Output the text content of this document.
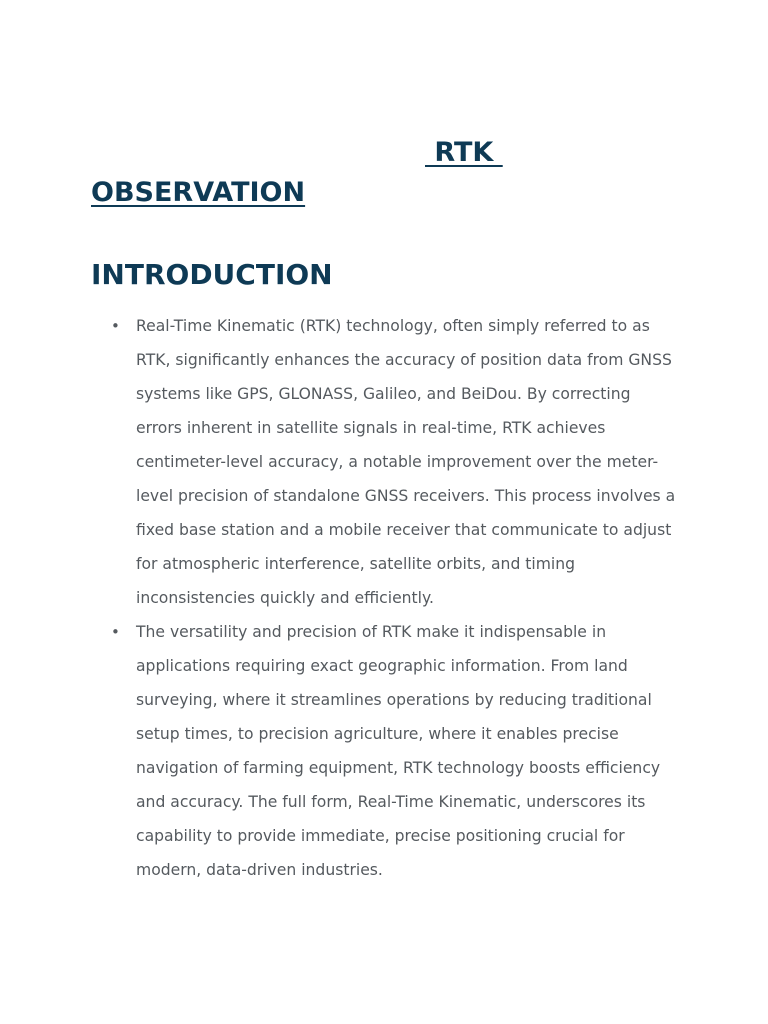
RTK
OBSERVATION
INTRODUCTION
• Real-Time Kinematic (RTK) technology, often simply referred to as RTK, significantly enhances the accuracy of position data from GNSS systems like GPS, GLONASS, Galileo, and BeiDou. By correcting errors inherent in satellite signals in real-time, RTK achieves centimeter-level accuracy, a notable improvement over the meter-level precision of standalone GNSS receivers. This process involves a fixed base station and a mobile receiver that communicate to adjust for atmospheric interference, satellite orbits, and timing inconsistencies quickly and efficiently.
• The versatility and precision of RTK make it indispensable in applications requiring exact geographic information. From land surveying, where it streamlines operations by reducing traditional setup times, to precision agriculture, where it enables precise navigation of farming equipment, RTK technology boosts efficiency and accuracy. The full form, Real-Time Kinematic, underscores its capability to provide immediate, precise positioning crucial for modern, data-driven industries.
